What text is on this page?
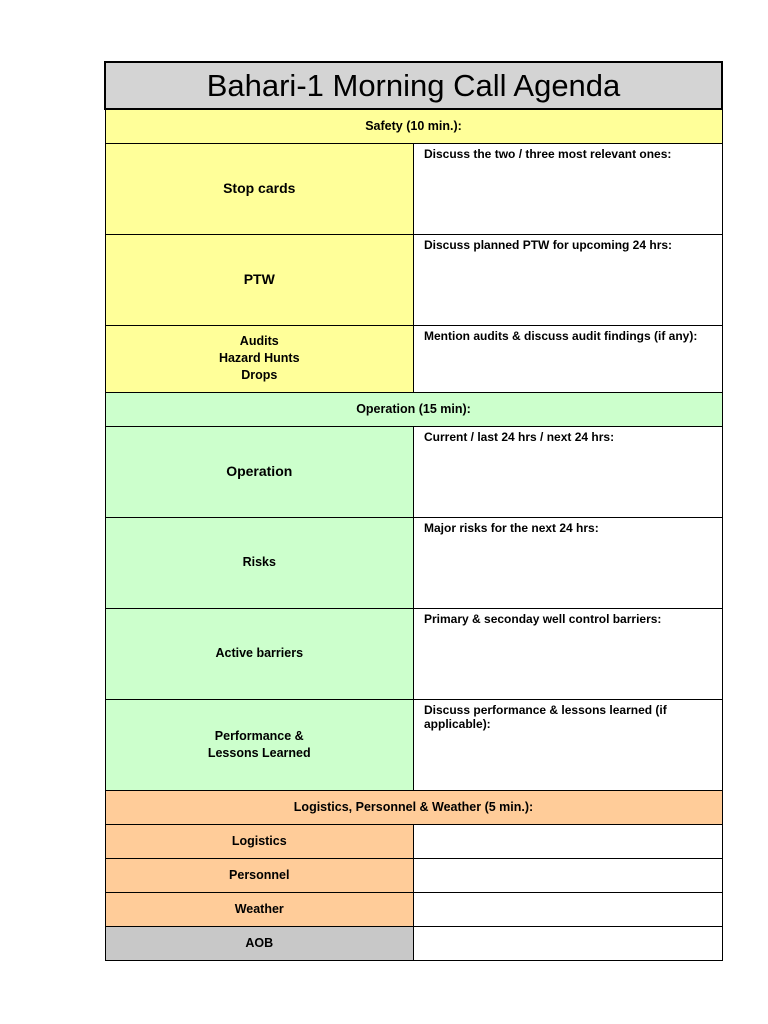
Bahari-1 Morning Call Agenda	
Safety (10 min.):	
Stop cards	Discuss the two / three most relevant ones:
PTW	Discuss planned PTW for upcoming 24 hrs:

Audits
Hazard Hunts
Drops	Mention audits & discuss audit findings (if any):
Operation (15 min):	
Operation	Current / last 24 hrs / next 24 hrs:
Risks	Major risks for the next 24 hrs:
Active barriers	Primary & seconday well control barriers:

Performance &
Lessons Learned	Discuss performance & lessons learned (if applicable):
Logistics, Personnel & Weather (5 min.):	
Logistics	
Personnel	
Weather	
AOB	
